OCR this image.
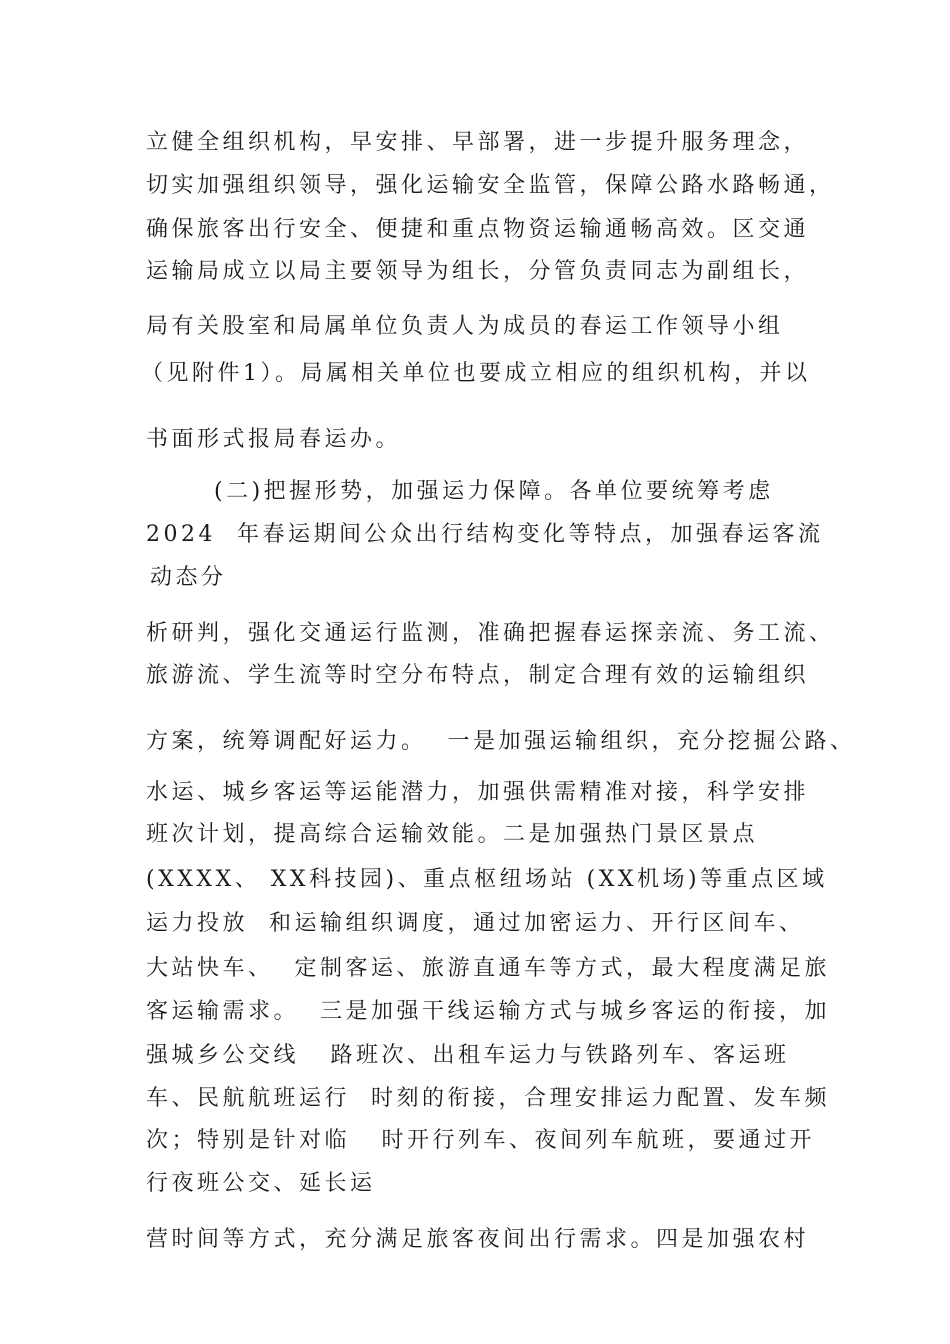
立健全组织机构，早安排、早部署，进一步提升服务理念，
切实加强组织领导，强化运输安全监管，保障公路水路畅通，
确保旅客出行安全、便捷和重点物资运输通畅高效。区交通
运输局成立以局主要领导为组长，分管负责同志为副组长，
局有关股室和局属单位负责人为成员的春运工作领导小组
（见附件1）。局属相关单位也要成立相应的组织机构，并以
书面形式报局春运办。
(二)把握形势，加强运力保障。各单位要统筹考虑
2024  年春运期间公众出行结构变化等特点，加强春运客流
动态分
析研判，强化交通运行监测，准确把握春运探亲流、务工流、
旅游流、学生流等时空分布特点，制定合理有效的运输组织
方案，统筹调配好运力。  一是加强运输组织，充分挖掘公路、
水运、城乡客运等运能潜力，加强供需精准对接，科学安排
班次计划，提高综合运输效能。二是加强热门景区景点
(XXXX、 XX科技园)、重点枢纽场站 (XX机场)等重点区域
运力投放  和运输组织调度，通过加密运力、开行区间车、
大站快车、  定制客运、旅游直通车等方式，最大程度满足旅
客运输需求。  三是加强干线运输方式与城乡客运的衔接，加
强城乡公交线   路班次、出租车运力与铁路列车、客运班
车、民航航班运行  时刻的衔接，合理安排运力配置、发车频
次；特别是针对临   时开行列车、夜间列车航班，要通过开
行夜班公交、延长运
营时间等方式，充分满足旅客夜间出行需求。四是加强农村
